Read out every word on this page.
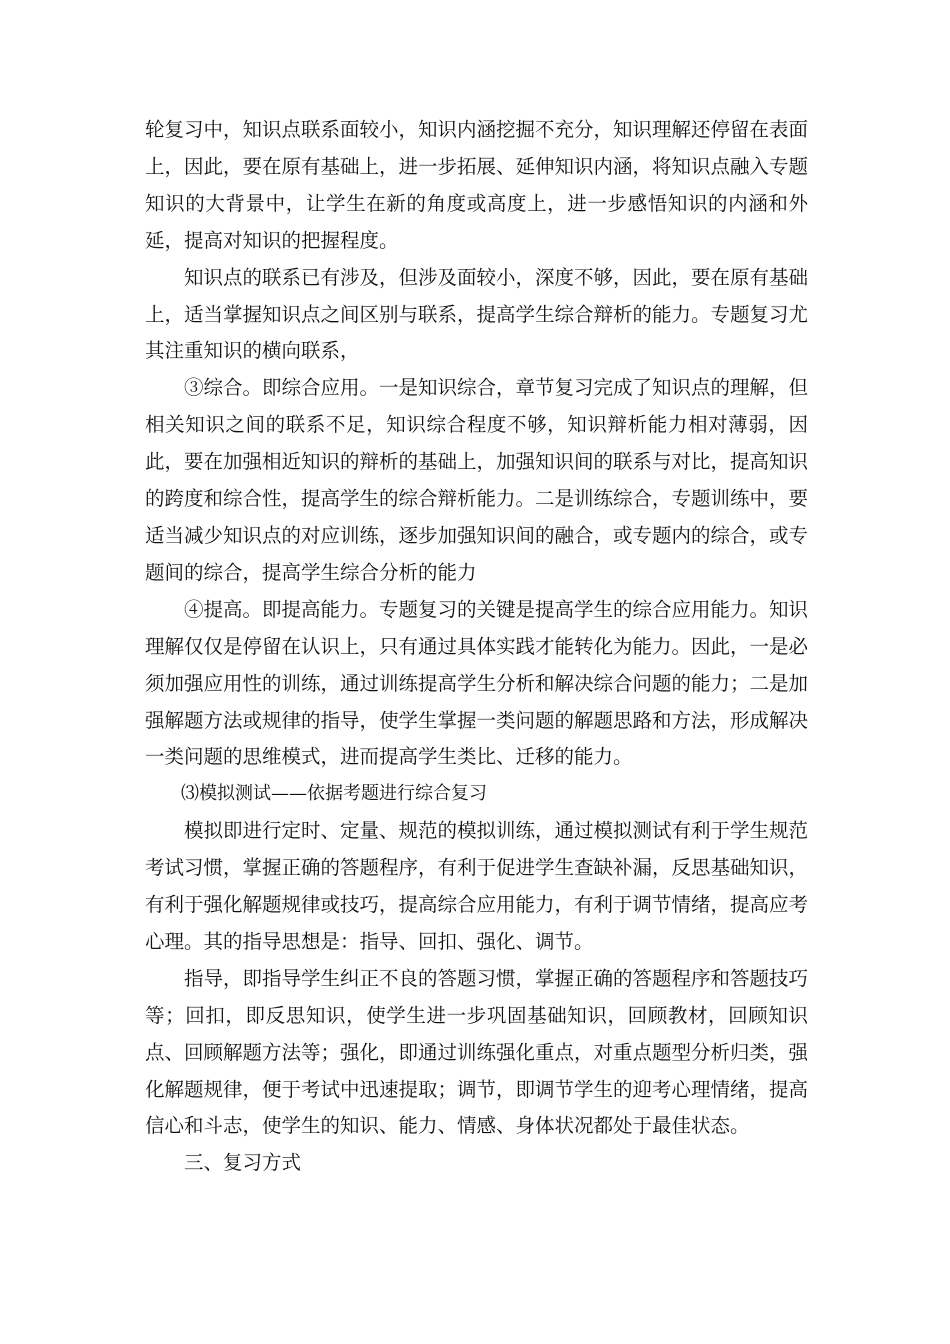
轮复习中，知识点联系面较小，知识内涵挖掘不充分，知识理解还停留在表面上，因此，要在原有基础上，进一步拓展、延伸知识内涵，将知识点融入专题知识的大背景中，让学生在新的角度或高度上，进一步感悟知识的内涵和外延，提高对知识的把握程度。

知识点的联系已有涉及，但涉及面较小，深度不够，因此，要在原有基础上，适当掌握知识点之间区别与联系，提高学生综合辩析的能力。专题复习尤其注重知识的横向联系，

③综合。即综合应用。一是知识综合，章节复习完成了知识点的理解，但相关知识之间的联系不足，知识综合程度不够，知识辩析能力相对薄弱，因此，要在加强相近知识的辩析的基础上，加强知识间的联系与对比，提高知识的跨度和综合性，提高学生的综合辩析能力。二是训练综合，专题训练中，要适当减少知识点的对应训练，逐步加强知识间的融合，或专题内的综合，或专题间的综合，提高学生综合分析的能力

④提高。即提高能力。专题复习的关键是提高学生的综合应用能力。知识理解仅仅是停留在认识上，只有通过具体实践才能转化为能力。因此，一是必须加强应用性的训练，通过训练提高学生分析和解决综合问题的能力；二是加强解题方法或规律的指导，使学生掌握一类问题的解题思路和方法，形成解决一类问题的思维模式，进而提高学生类比、迁移的能力。

⑶模拟测试——依据考题进行综合复习

模拟即进行定时、定量、规范的模拟训练，通过模拟测试有利于学生规范考试习惯，掌握正确的答题程序，有利于促进学生查缺补漏，反思基础知识，有利于强化解题规律或技巧，提高综合应用能力，有利于调节情绪，提高应考心理。其的指导思想是：指导、回扣、强化、调节。

指导，即指导学生纠正不良的答题习惯，掌握正确的答题程序和答题技巧等；回扣，即反思知识，使学生进一步巩固基础知识，回顾教材，回顾知识点、回顾解题方法等；强化，即通过训练强化重点，对重点题型分析归类，强化解题规律，便于考试中迅速提取；调节，即调节学生的迎考心理情绪，提高信心和斗志，使学生的知识、能力、情感、身体状况都处于最佳状态。

三、复习方式
